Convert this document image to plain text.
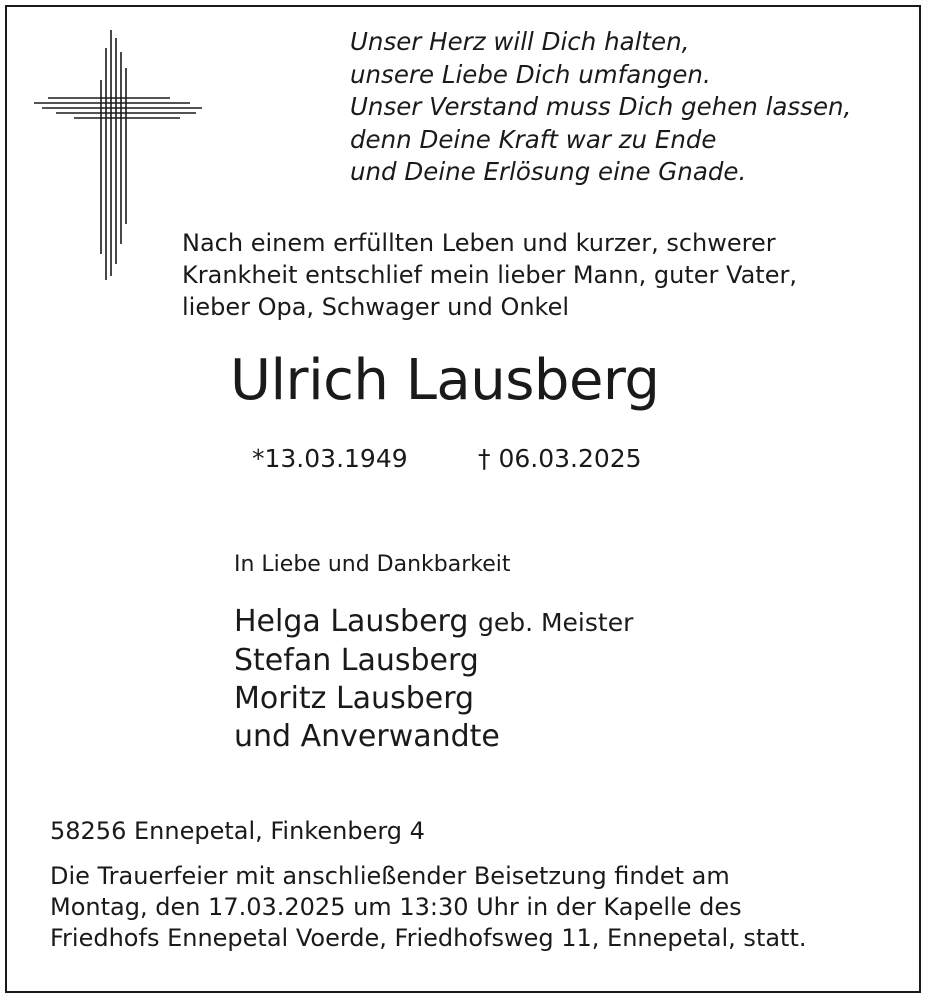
Unser Herz will Dich halten,
unsere Liebe Dich umfangen.
Unser Verstand muss Dich gehen lassen,
denn Deine Kraft war zu Ende
und Deine Erlösung eine Gnade.
Nach einem erfüllten Leben und kurzer, schwerer
Krankheit entschlief mein lieber Mann, guter Vater,
lieber Opa, Schwager und Onkel
Ulrich Lausberg
*13.03.1949	† 06.03.2025
In Liebe und Dankbarkeit
Helga Lausberg geb. Meister
Stefan Lausberg
Moritz Lausberg
und Anverwandte
58256 Ennepetal, Finkenberg 4
Die Trauerfeier mit anschließender Beisetzung findet am
Montag, den 17.03.2025 um 13:30 Uhr in der Kapelle des
Friedhofs Ennepetal Voerde, Friedhofsweg 11, Ennepetal, statt.
